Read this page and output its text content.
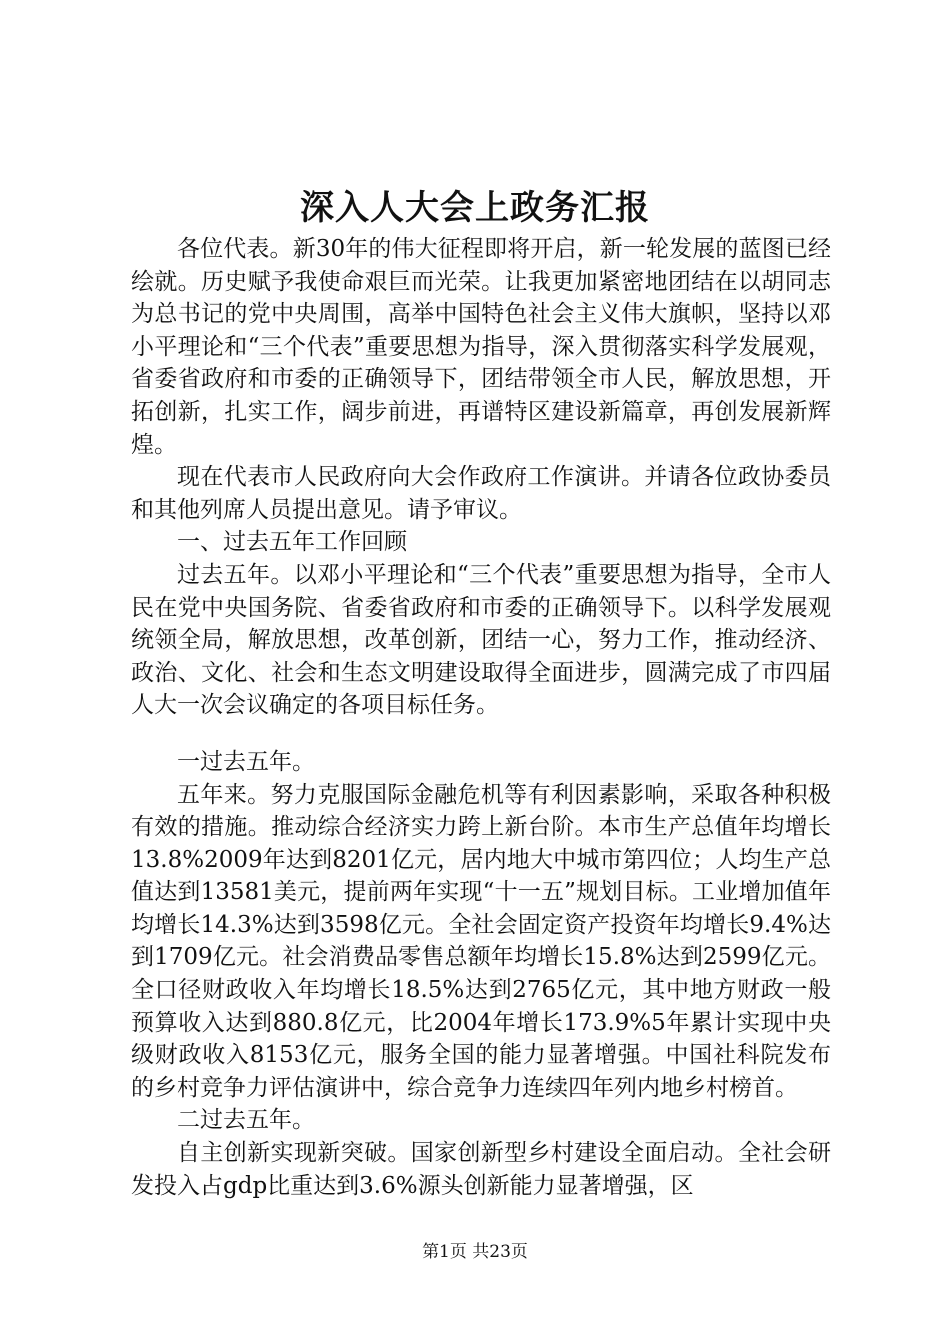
深入人大会上政务汇报

各位代表。新30年的伟大征程即将开启，新一轮发展的蓝图已经绘就。历史赋予我使命艰巨而光荣。让我更加紧密地团结在以胡同志为总书记的党中央周围，高举中国特色社会主义伟大旗帜，坚持以邓小平理论和“三个代表”重要思想为指导，深入贯彻落实科学发展观，省委省政府和市委的正确领导下，团结带领全市人民，解放思想，开拓创新，扎实工作，阔步前进，再谱特区建设新篇章，再创发展新辉煌。

现在代表市人民政府向大会作政府工作演讲。并请各位政协委员和其他列席人员提出意见。请予审议。

一、过去五年工作回顾

过去五年。以邓小平理论和“三个代表”重要思想为指导，全市人民在党中央国务院、省委省政府和市委的正确领导下。以科学发展观统领全局，解放思想，改革创新，团结一心，努力工作，推动经济、政治、文化、社会和生态文明建设取得全面进步，圆满完成了市四届人大一次会议确定的各项目标任务。

一过去五年。

五年来。努力克服国际金融危机等有利因素影响，采取各种积极有效的措施。推动综合经济实力跨上新台阶。本市生产总值年均增长13.8%2009年达到8201亿元，居内地大中城市第四位；人均生产总值达到13581美元，提前两年实现“十一五”规划目标。工业增加值年均增长14.3%达到3598亿元。全社会固定资产投资年均增长9.4%达到1709亿元。社会消费品零售总额年均增长15.8%达到2599亿元。全口径财政收入年均增长18.5%达到2765亿元，其中地方财政一般预算收入达到880.8亿元，比2004年增长173.9%5年累计实现中央级财政收入8153亿元，服务全国的能力显著增强。中国社科院发布的乡村竞争力评估演讲中，综合竞争力连续四年列内地乡村榜首。

二过去五年。

自主创新实现新突破。国家创新型乡村建设全面启动。全社会研发投入占gdp比重达到3.6%源头创新能力显著增强，区

第1页 共23页
